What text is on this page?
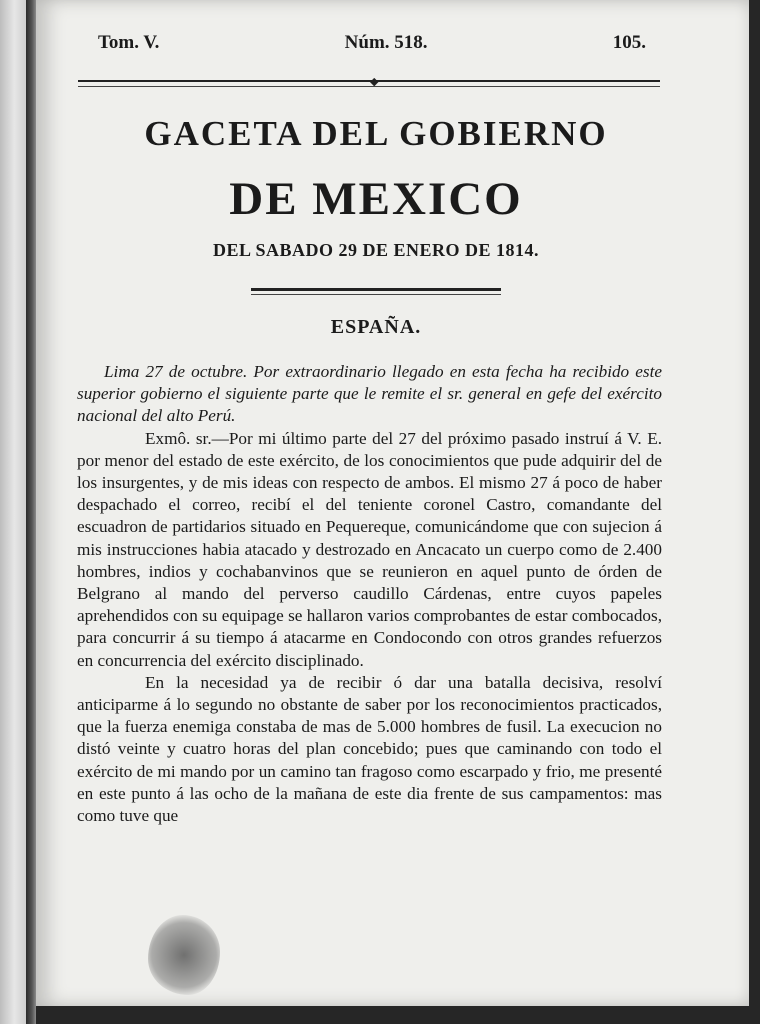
Tom. V.	Núm. 518.	105.
◆
GACETA DEL GOBIERNO
DE MEXICO
DEL SABADO 29 DE ENERO DE 1814.
ESPAÑA.

Lima 27 de octubre. Por extraordinario llegado en esta fecha ha recibido este superior gobierno el siguiente parte que le remite el sr. general en gefe del exército nacional del alto Perú.

Exmô. sr.—Por mi último parte del 27 del próximo pasado instruí á V. E. por menor del estado de este exército, de los conocimientos que pude adquirir del de los insurgentes, y de mis ideas con respecto de ambos. El mismo 27 á poco de haber despachado el correo, recibí el del teniente coronel Castro, comandante del escuadron de partidarios situado en Pequereque, comunicándome que con sujecion á mis instrucciones habia atacado y destrozado en Ancacato un cuerpo como de 2.400 hombres, indios y cochabanvinos que se reunieron en aquel punto de órden de Belgrano al mando del perverso caudillo Cárdenas, entre cuyos papeles aprehendidos con su equipage se hallaron varios comprobantes de estar combocados, para concurrir á su tiempo á atacarme en Condocondo con otros grandes refuerzos en concurrencia del exército disciplinado.

En la necesidad ya de recibir ó dar una batalla decisiva, resolví anticiparme á lo segundo no obstante de saber por los reconocimientos practicados, que la fuerza enemiga constaba de mas de 5.000 hombres de fusil. La execucion no distó veinte y cuatro horas del plan concebido; pues que caminando con todo el exército de mi mando por un camino tan fragoso como escarpado y frio, me presenté en este punto á las ocho de la mañana de este dia frente de sus campamentos: mas como tuve que
